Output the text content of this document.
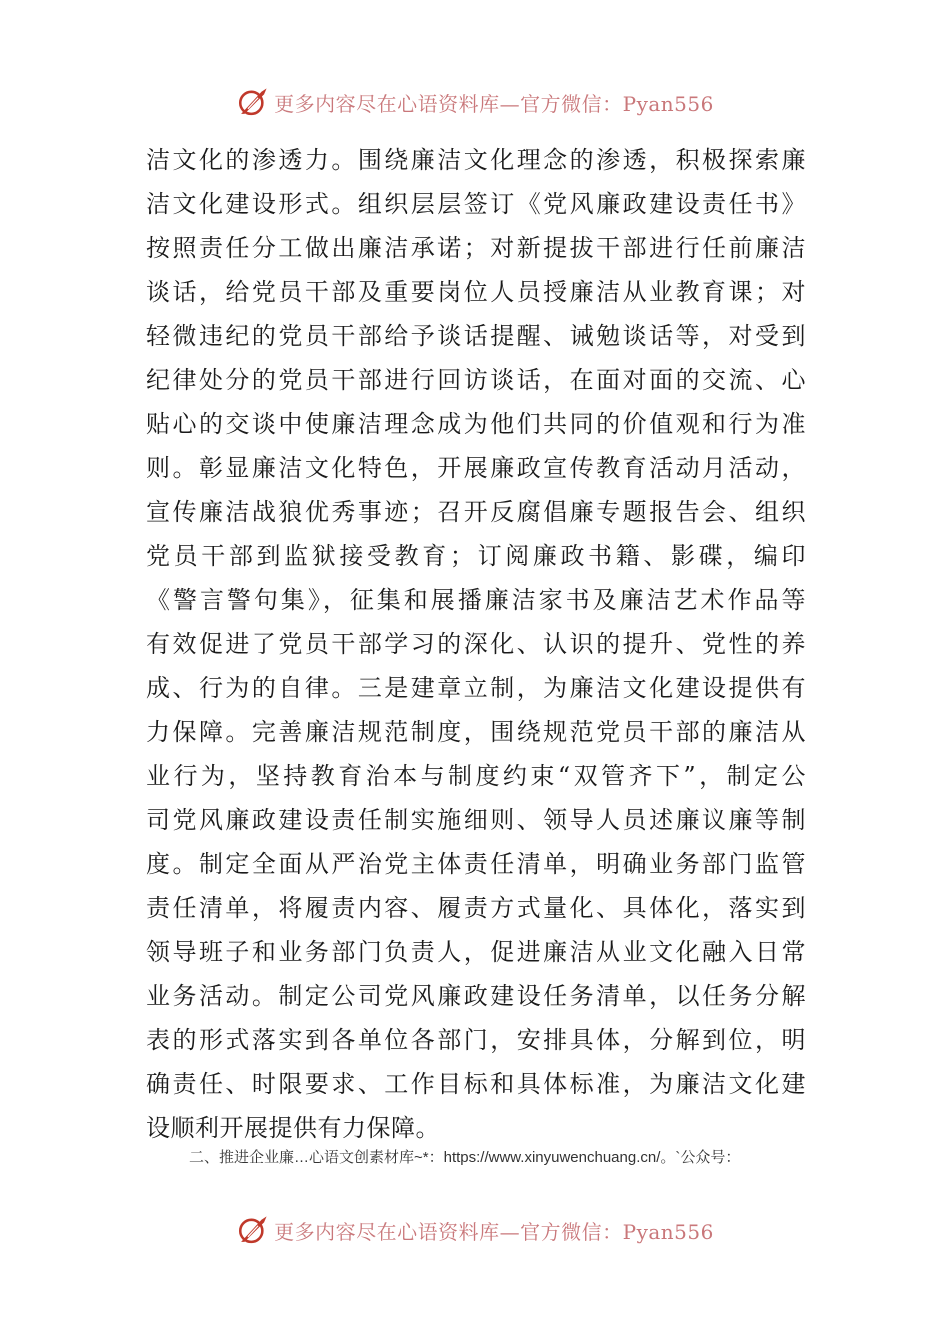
更多内容尽在心语资料库—官方微信：Pyan556
洁文化的渗透力。围绕廉洁文化理念的渗透，积极探索廉
洁文化建设形式。组织层层签订《党风廉政建设责任书》
按照责任分工做出廉洁承诺；对新提拔干部进行任前廉洁
谈话，给党员干部及重要岗位人员授廉洁从业教育课；对
轻微违纪的党员干部给予谈话提醒、诫勉谈话等，对受到
纪律处分的党员干部进行回访谈话，在面对面的交流、心
贴心的交谈中使廉洁理念成为他们共同的价值观和行为准
则。彰显廉洁文化特色，开展廉政宣传教育活动月活动，
宣传廉洁战狼优秀事迹；召开反腐倡廉专题报告会、组织
党员干部到监狱接受教育；订阅廉政书籍、影碟，编印
《警言警句集》，征集和展播廉洁家书及廉洁艺术作品等
有效促进了党员干部学习的深化、认识的提升、党性的养
成、行为的自律。三是建章立制，为廉洁文化建设提供有
力保障。完善廉洁规范制度，围绕规范党员干部的廉洁从
业行为，坚持教育治本与制度约束“双管齐下”，制定公
司党风廉政建设责任制实施细则、领导人员述廉议廉等制
度。制定全面从严治党主体责任清单，明确业务部门监管
责任清单，将履责内容、履责方式量化、具体化，落实到
领导班子和业务部门负责人，促进廉洁从业文化融入日常
业务活动。制定公司党风廉政建设任务清单，以任务分解
表的形式落实到各单位各部门，安排具体，分解到位，明
确责任、时限要求、工作目标和具体标准，为廉洁文化建
设顺利开展提供有力保障。
二、推进企业廉…心语文创素材库~*：https://www.xinyuwenchuang.cn/。`公众号：
更多内容尽在心语资料库—官方微信：Pyan556
